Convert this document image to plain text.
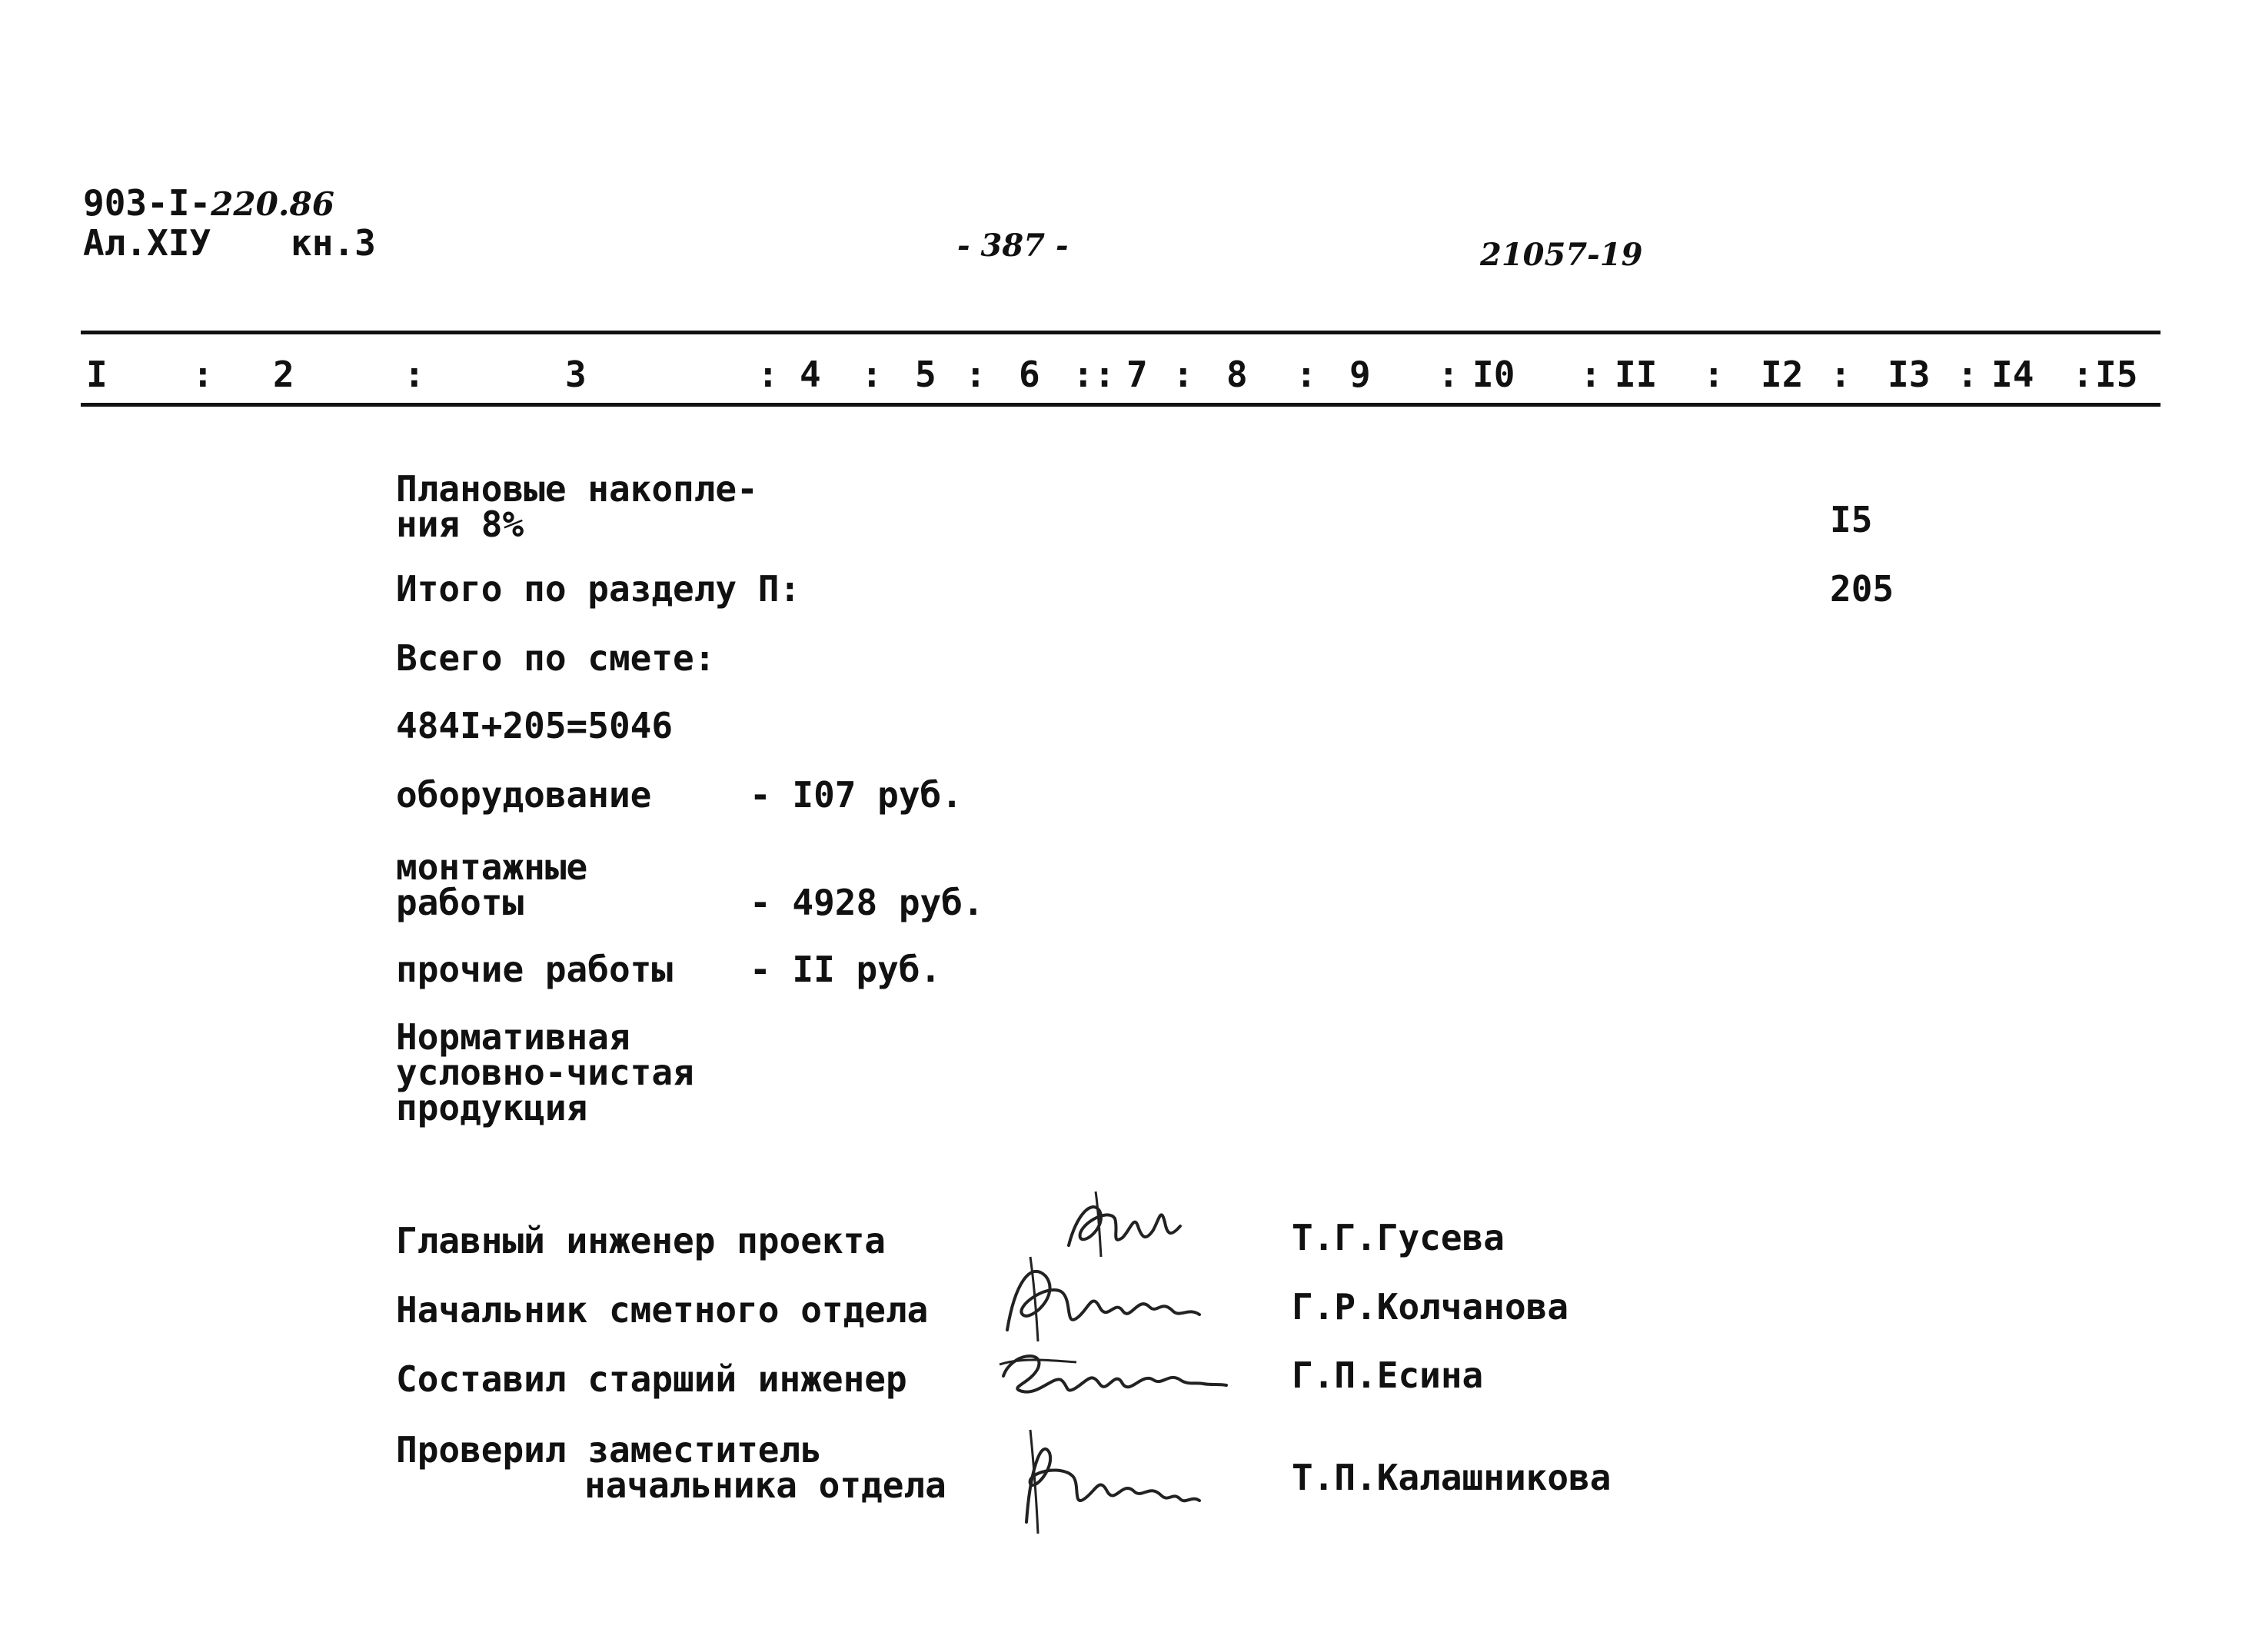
903-I-220.86
Ал.XIУ кн.3	- 387 -	21057-19
I : 2	:	3	: 4 : 5 : 6 :: 7 : 8 : 9 : I0 : II : I2 : I3 : I4 : I5
Плановые накопле-
ния 8%	I5
Итого по разделу П:	205
Всего по смете:
484I+205=5046
оборудование	- I07 руб.
монтажные
работы	- 4928 руб.
прочие работы - II руб.
Нормативная
условно-чистая
продукция
Главный инженер проекта	Т.Г.Гусева
Начальник сметного отдела	Г.Р.Колчанова
Составил старший инженер	Г.П.Есина
Проверил заместитель
начальника отдела	Т.П.Калашникова
